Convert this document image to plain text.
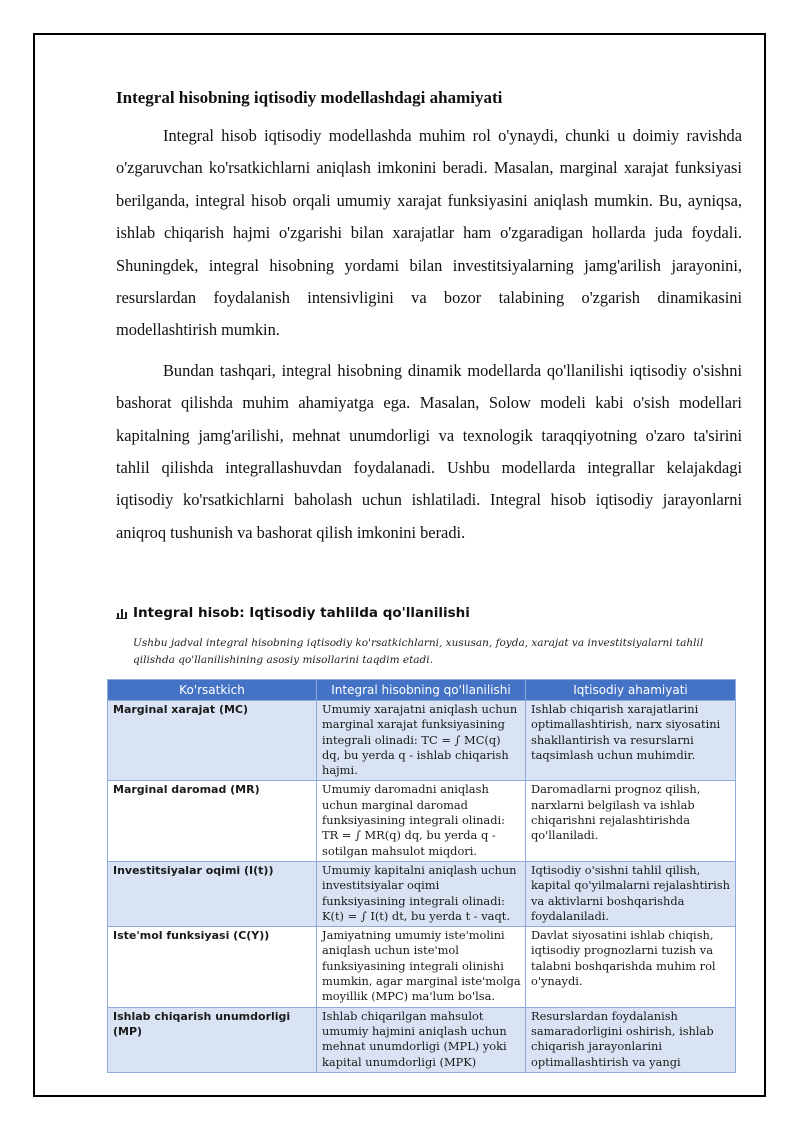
Integral hisobning iqtisodiy modellashdagi ahamiyati

Integral hisob iqtisodiy modellashda muhim rol o'ynaydi, chunki u doimiy ravishda o'zgaruvchan ko'rsatkichlarni aniqlash imkonini beradi. Masalan, marginal xarajat funksiyasi berilganda, integral hisob orqali umumiy xarajat funksiyasini aniqlash mumkin. Bu, ayniqsa, ishlab chiqarish hajmi o'zgarishi bilan xarajatlar ham o'zgaradigan hollarda juda foydali. Shuningdek, integral hisobning yordami bilan investitsiyalarning jamg'arilish jarayonini, resurslardan foydalanish intensivligini va bozor talabining o'zgarish dinamikasini modellashtirish mumkin.

Bundan tashqari, integral hisobning dinamik modellarda qo'llanilishi iqtisodiy o'sishni bashorat qilishda muhim ahamiyatga ega. Masalan, Solow modeli kabi o'sish modellari kapitalning jamg'arilishi, mehnat unumdorligi va texnologik taraqqiyotning o'zaro ta'sirini tahlil qilishda integrallashuvdan foydalanadi. Ushbu modellarda integrallar kelajakdagi iqtisodiy ko'rsatkichlarni baholash uchun ishlatiladi. Integral hisob iqtisodiy jarayonlarni aniqroq tushunish va bashorat qilish imkonini beradi.

Integral hisob: Iqtisodiy tahlilda qo'llanilishi
Ushbu jadval integral hisobning iqtisodiy ko'rsatkichlarni, xususan, foyda, xarajat va investitsiyalarni tahlil qilishda qo'llanilishining asosiy misollarini taqdim etadi.
Ko'rsatkich	Integral hisobning qo'llanilishi	Iqtisodiy ahamiyati
Marginal xarajat (MC)	Umumiy xarajatni aniqlash uchun marginal xarajat funksiyasining integrali olinadi: TC = ∫ MC(q) dq, bu yerda q - ishlab chiqarish hajmi.	Ishlab chiqarish xarajatlarini optimallashtirish, narx siyosatini shakllantirish va resurslarni taqsimlash uchun muhimdir.
Marginal daromad (MR)	Umumiy daromadni aniqlash uchun marginal daromad funksiyasining integrali olinadi: TR = ∫ MR(q) dq, bu yerda q - sotilgan mahsulot miqdori.	Daromadlarni prognoz qilish, narxlarni belgilash va ishlab chiqarishni rejalashtirishda qo'llaniladi.
Investitsiyalar oqimi (I(t))	Umumiy kapitalni aniqlash uchun investitsiyalar oqimi funksiyasining integrali olinadi: K(t) = ∫ I(t) dt, bu yerda t - vaqt.	Iqtisodiy o'sishni tahlil qilish, kapital qo'yilmalarni rejalashtirish va aktivlarni boshqarishda foydalaniladi.
Iste'mol funksiyasi (C(Y))	Jamiyatning umumiy iste'molini aniqlash uchun iste'mol funksiyasining integrali olinishi mumkin, agar marginal iste'molga moyillik (MPC) ma'lum bo'lsa.	Davlat siyosatini ishlab chiqish, iqtisodiy prognozlarni tuzish va talabni boshqarishda muhim rol o'ynaydi.
Ishlab chiqarish unumdorligi (MP)	Ishlab chiqarilgan mahsulot umumiy hajmini aniqlash uchun mehnat unumdorligi (MPL) yoki kapital unumdorligi (MPK)	Resurslardan foydalanish samaradorligini oshirish, ishlab chiqarish jarayonlarini optimallashtirish va yangi
